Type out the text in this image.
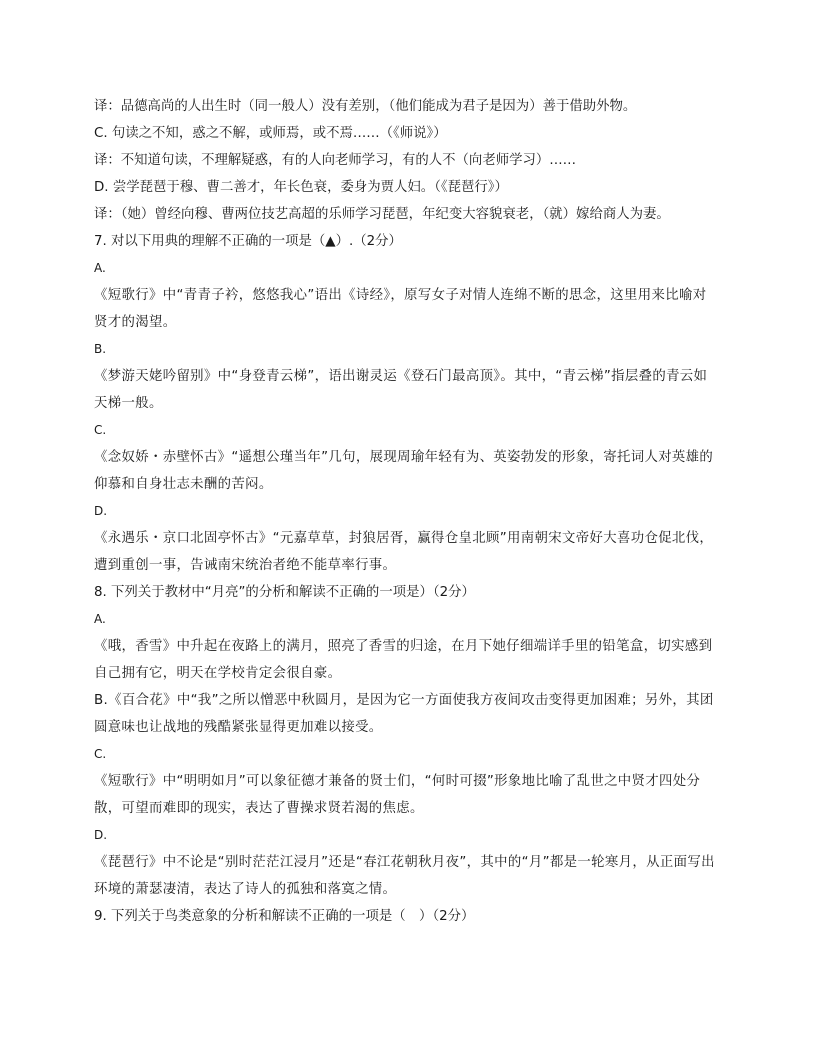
译：品德高尚的人出生时（同一般人）没有差别，（他们能成为君子是因为）善于借助外物。
C. 句读之不知，惑之不解，或师焉，或不焉……（《师说》）
译：不知道句读，不理解疑惑，有的人向老师学习，有的人不（向老师学习）……
D. 尝学琵琶于穆、曹二善才，年长色衰，委身为贾人妇。（《琵琶行》）
译：（她）曾经向穆、曹两位技艺高超的乐师学习琵琶，年纪变大容貌衰老，（就）嫁给商人为妻。
7. 对以下用典的理解不正确的一项是（▲）.（2分）
A.
《短歌行》中“青青子衿，悠悠我心”语出《诗经》，原写女子对情人连绵不断的思念，这里用来比喻对贤才的渴望。
B.
《梦游天姥吟留别》中“身登青云梯”，语出谢灵运《登石门最高顶》。其中，“青云梯”指层叠的青云如天梯一般。
C.
《念奴娇・赤壁怀古》“遥想公瑾当年”几句，展现周瑜年轻有为、英姿勃发的形象，寄托词人对英雄的仰慕和自身壮志未酬的苦闷。
D.
《永遇乐・京口北固亭怀古》“元嘉草草，封狼居胥，赢得仓皇北顾”用南朝宋文帝好大喜功仓促北伐，遭到重创一事，告诫南宋统治者绝不能草率行事。
8. 下列关于教材中“月亮”的分析和解读不正确的一项是）（2分）
A.
《哦，香雪》中升起在夜路上的满月，照亮了香雪的归途，在月下她仔细端详手里的铅笔盒，切实感到自己拥有它，明天在学校肯定会很自豪。
B.《百合花》中“我”之所以憎恶中秋圆月，是因为它一方面使我方夜间攻击变得更加困难；另外，其团圆意味也让战地的残酷紧张显得更加难以接受。
C.
《短歌行》中“明明如月”可以象征德才兼备的贤士们，“何时可掇”形象地比喻了乱世之中贤才四处分散，可望而难即的现实，表达了曹操求贤若渴的焦虑。
D.
《琵琶行》中不论是“别时茫茫江浸月”还是“春江花朝秋月夜”，其中的“月”都是一轮寒月，从正面写出环境的萧瑟凄清，表达了诗人的孤独和落寞之情。
9. 下列关于鸟类意象的分析和解读不正确的一项是（　）（2分）
